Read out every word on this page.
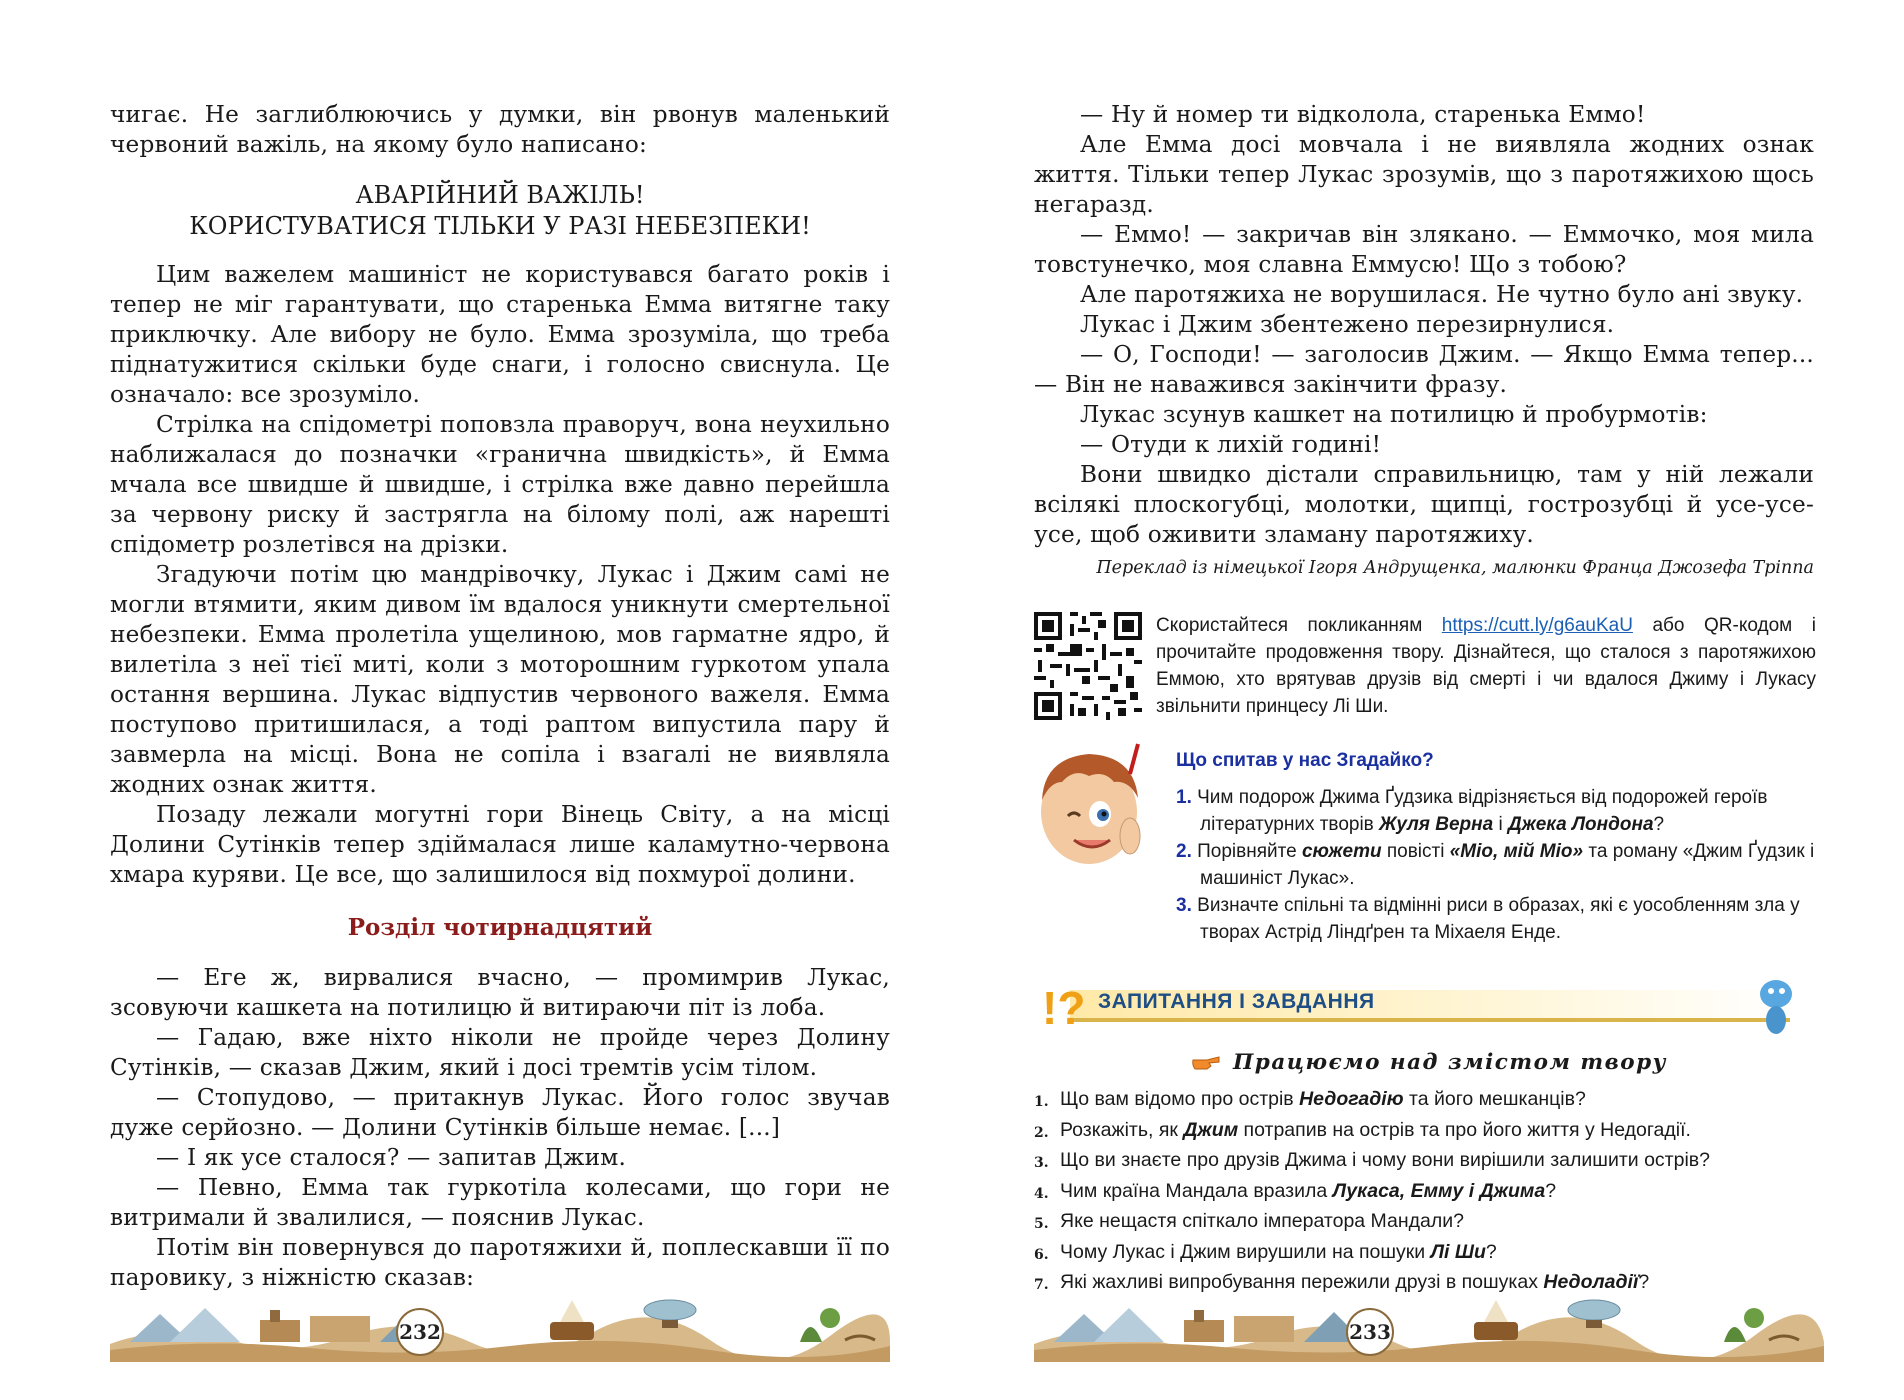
чигає. Не заглиблюючись у думки, він рвонув маленький червоний важіль, на якому було написано:

АВАРІЙНИЙ ВАЖІЛЬ!
КОРИСТУВАТИСЯ ТІЛЬКИ У РАЗІ НЕБЕЗПЕКИ!

Цим важелем машиніст не користувався багато років і тепер не міг гарантувати, що старенька Емма витягне таку приключку. Але вибору не було. Емма зрозуміла, що треба піднатужитися скільки буде снаги, і голосно свиснула. Це означало: все зрозуміло.

Стрілка на спідометрі поповзла праворуч, вона неухильно наближалася до позначки «гранична швидкість», й Емма мчала все швидше й швидше, і стрілка вже давно перейшла за червону риску й застрягла на білому полі, аж нарешті спідометр розлетівся на дрізки.

Згадуючи потім цю мандрівочку, Лукас і Джим самі не могли втямити, яким дивом їм вдалося уникнути смертельної небезпеки. Емма пролетіла ущелиною, мов гарматне ядро, й вилетіла з неї тієї миті, коли з моторошним гуркотом упала остання вершина. Лукас відпустив червоного важеля. Емма поступово притишилася, а тоді раптом випустила пару й завмерла на місці. Вона не сопіла і взагалі не виявляла жодних ознак життя.

Позаду лежали могутні гори Вінець Світу, а на місці Долини Сутінків тепер здіймалася лише каламутно-червона хмара куряви. Це все, що залишилося від похмурої долини.

Розділ чотирнадцятий

— Еге ж, вирвалися вчасно, — промимрив Лукас, зсовуючи кашкета на потилицю й витираючи піт із лоба.

— Гадаю, вже ніхто ніколи не пройде через Долину Сутінків, — сказав Джим, який і досі тремтів усім тілом.

— Стопудово, — притакнув Лукас. Його голос звучав дуже серйозно. — Долини Сутінків більше немає. [...]

— І як усе сталося? — запитав Джим.

— Певно, Емма так гуркотіла колесами, що гори не витримали й звалилися, — пояснив Лукас.

Потім він повернувся до паротяжихи й, поплескавши її по паровику, з ніжністю сказав:

232

— Ну й номер ти відколола, старенька Еммо!

Але Емма досі мовчала і не виявляла жодних ознак життя. Тільки тепер Лукас зрозумів, що з паротяжихою щось негаразд.

— Еммо! — закричав він злякано. — Еммочко, моя мила товстунечко, моя славна Еммусю! Що з тобою?

Але паротяжиха не ворушилася. Не чутно було ані звуку.

Лукас і Джим збентежено перезирнулися.

— О, Господи! — заголосив Джим. — Якщо Емма тепер... — Він не наважився закінчити фразу.

Лукас зсунув кашкет на потилицю й пробурмотів:

— Отуди к лихій годині!

Вони швидко дістали справильницю, там у ній лежали всілякі плоскогубці, молотки, щипці, гострозубці й усе-усе-усе, щоб оживити зламану паротяжиху.

Переклад із німецької Ігоря Андрущенка, малюнки Франца Джозефа Тріппа
Скористайтеся покликанням https://cutt.ly/g6auKaU або QR-кодом і прочитайте продовження твору. Дізнайтеся, що сталося з паротяжихою Еммою, хто врятував друзів від смерті і чи вдалося Джиму і Лукасу звільнити принцесу Лі Ши.
Що спитав у нас Згадайко?
1. Чим подорож Джима Ґудзика відрізняється від подорожей героїв літературних творів Жуля Верна і Джека Лондона?
2. Порівняйте сюжети повісті «Міо, мій Міо» та роману «Джим Ґудзик і машиніст Лукас».
3. Визначте спільні та відмінні риси в образах, які є уособленням зла у творах Астрід Ліндґрен та Міхаеля Енде.
!? ЗАПИТАННЯ І ЗАВДАННЯ
Працюємо над змістом твору
1. Що вам відомо про острів Недогадію та його мешканців?
2. Розкажіть, як Джим потрапив на острів та про його життя у Недогадії.
3. Що ви знаєте про друзів Джима і чому вони вирішили залишити острів?
4. Чим країна Мандала вразила Лукаса, Емму і Джима?
5. Яке нещастя спіткало імператора Мандали?
6. Чому Лукас і Джим вирушили на пошуки Лі Ши?
7. Які жахливі випробування пережили друзі в пошуках Недоладії?
233
